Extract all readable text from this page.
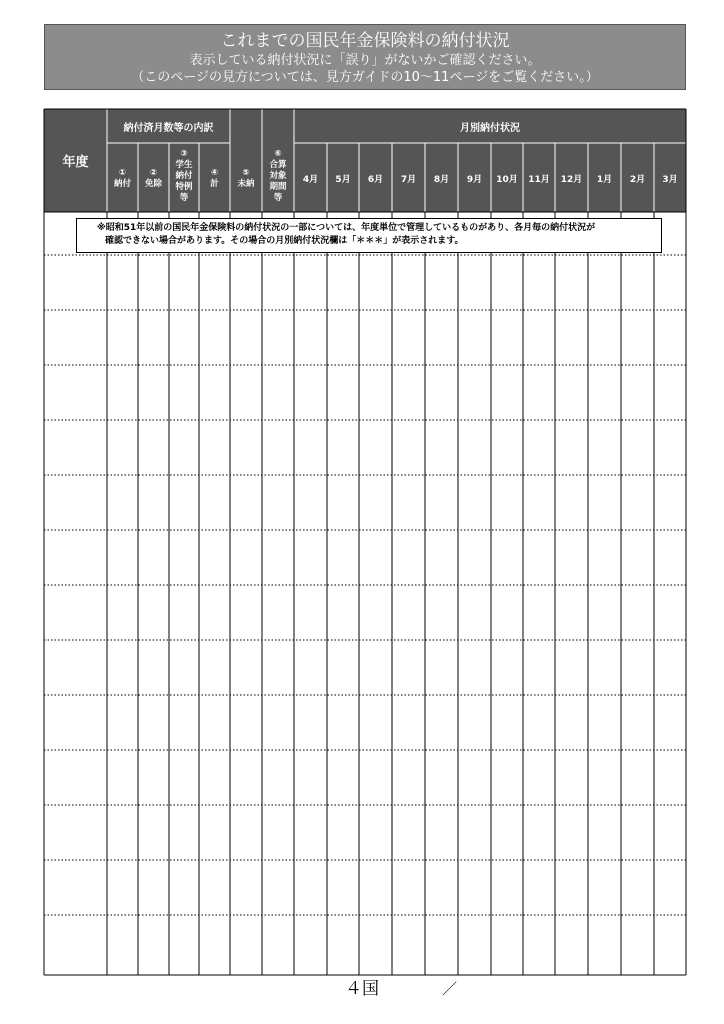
これまでの国民年金保険料の納付状況
表示している納付状況に「誤り」がないかご確認ください。
（このページの見方については、見方ガイドの10～11ページをご覧ください。）
年度
納付済月数等の内訳	月別納付状況
①
納付
②
免除
③
学生
納付
特例
等
④
計
⑤
未納
⑥
合算
対象
期間
等
4月 5月 6月 7月 8月 9月 10月 11月 12月 1月 2月 3月
※昭和51年以前の国民年金保険料の納付状況の一部については、年度単位で管理しているものがあり、各月毎の納付状況が
確認できない場合があります。その場合の月別納付状況欄は「＊＊＊」が表示されます。
４国	／
